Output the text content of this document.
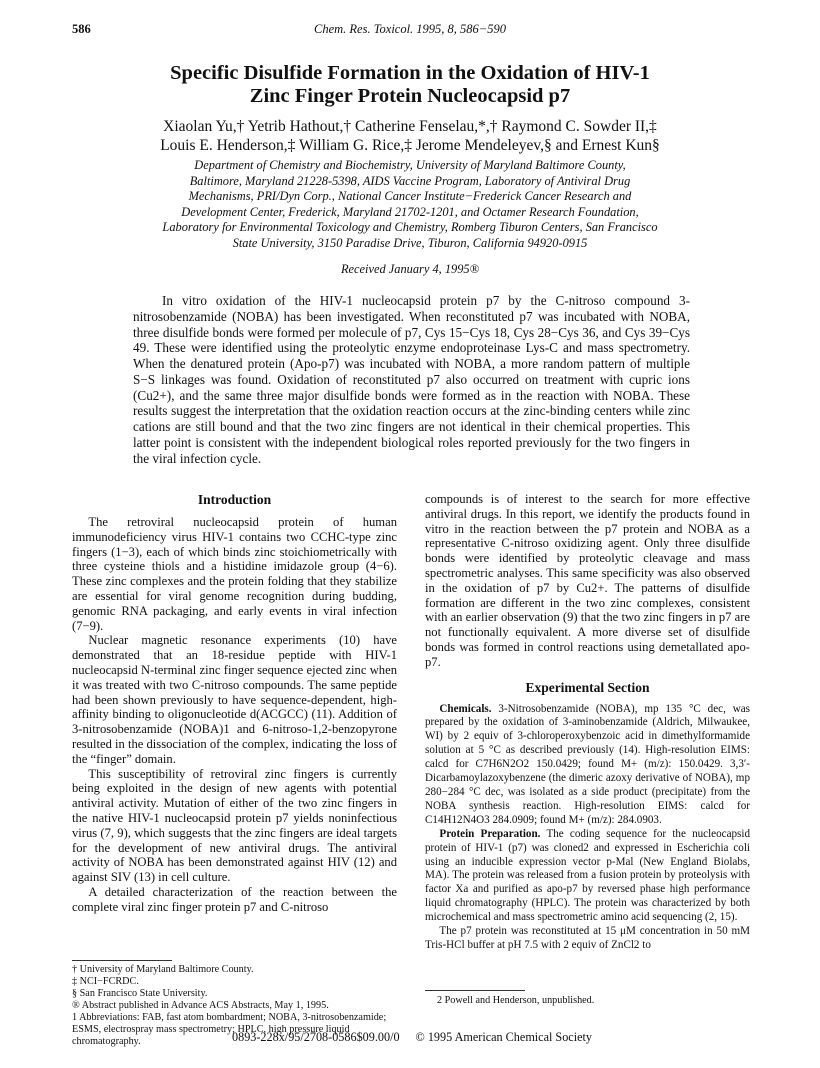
586	Chem. Res. Toxicol. 1995, 8, 586−590
Specific Disulfide Formation in the Oxidation of HIV-1
Zinc Finger Protein Nucleocapsid p7
Xiaolan Yu,† Yetrib Hathout,† Catherine Fenselau,*,† Raymond C. Sowder II,‡
Louis E. Henderson,‡ William G. Rice,‡ Jerome Mendeleyev,§ and Ernest Kun§
Department of Chemistry and Biochemistry, University of Maryland Baltimore County,
Baltimore, Maryland 21228-5398, AIDS Vaccine Program, Laboratory of Antiviral Drug
Mechanisms, PRI/Dyn Corp., National Cancer Institute−Frederick Cancer Research and
Development Center, Frederick, Maryland 21702-1201, and Octamer Research Foundation,
Laboratory for Environmental Toxicology and Chemistry, Romberg Tiburon Centers, San Francisco
State University, 3150 Paradise Drive, Tiburon, California 94920-0915
Received January 4, 1995®

In vitro oxidation of the HIV-1 nucleocapsid protein p7 by the C-nitroso compound 3-nitrosobenzamide (NOBA) has been investigated. When reconstituted p7 was incubated with NOBA, three disulfide bonds were formed per molecule of p7, Cys 15−Cys 18, Cys 28−Cys 36, and Cys 39−Cys 49. These were identified using the proteolytic enzyme endoproteinase Lys-C and mass spectrometry. When the denatured protein (Apo-p7) was incubated with NOBA, a more random pattern of multiple S−S linkages was found. Oxidation of reconstituted p7 also occurred on treatment with cupric ions (Cu2+), and the same three major disulfide bonds were formed as in the reaction with NOBA. These results suggest the interpretation that the oxidation reaction occurs at the zinc-binding centers while zinc cations are still bound and that the two zinc fingers are not identical in their chemical properties. This latter point is consistent with the independent biological roles reported previously for the two fingers in the viral infection cycle.

Introduction

The retroviral nucleocapsid protein of human immunodeficiency virus HIV-1 contains two CCHC-type zinc fingers (1−3), each of which binds zinc stoichiometrically with three cysteine thiols and a histidine imidazole group (4−6). These zinc complexes and the protein folding that they stabilize are essential for viral genome recognition during budding, genomic RNA packaging, and early events in viral infection (7−9).

Nuclear magnetic resonance experiments (10) have demonstrated that an 18-residue peptide with HIV-1 nucleocapsid N-terminal zinc finger sequence ejected zinc when it was treated with two C-nitroso compounds. The same peptide had been shown previously to have sequence-dependent, high-affinity binding to oligonucleotide d(ACGCC) (11). Addition of 3-nitrosobenzamide (NOBA)1 and 6-nitroso-1,2-benzopyrone resulted in the dissociation of the complex, indicating the loss of the “finger” domain.

This susceptibility of retroviral zinc fingers is currently being exploited in the design of new agents with potential antiviral activity. Mutation of either of the two zinc fingers in the native HIV-1 nucleocapsid protein p7 yields noninfectious virus (7, 9), which suggests that the zinc fingers are ideal targets for the development of new antiviral drugs. The antiviral activity of NOBA has been demonstrated against HIV (12) and against SIV (13) in cell culture.

A detailed characterization of the reaction between the complete viral zinc finger protein p7 and C-nitroso

† University of Maryland Baltimore County.
‡ NCI−FCRDC.
§ San Francisco State University.
® Abstract published in Advance ACS Abstracts, May 1, 1995.
1 Abbreviations: FAB, fast atom bombardment; NOBA, 3-nitrosobenzamide; ESMS, electrospray mass spectrometry; HPLC, high pressure liquid chromatography.

compounds is of interest to the search for more effective antiviral drugs. In this report, we identify the products found in vitro in the reaction between the p7 protein and NOBA as a representative C-nitroso oxidizing agent. Only three disulfide bonds were identified by proteolytic cleavage and mass spectrometric analyses. This same specificity was also observed in the oxidation of p7 by Cu2+. The patterns of disulfide formation are different in the two zinc complexes, consistent with an earlier observation (9) that the two zinc fingers in p7 are not functionally equivalent. A more diverse set of disulfide bonds was formed in control reactions using demetallated apo-p7.

Experimental Section

Chemicals. 3-Nitrosobenzamide (NOBA), mp 135 °C dec, was prepared by the oxidation of 3-aminobenzamide (Aldrich, Milwaukee, WI) by 2 equiv of 3-chloroperoxybenzoic acid in dimethylformamide solution at 5 °C as described previously (14). High-resolution EIMS: calcd for C7H6N2O2 150.0429; found M+ (m/z): 150.0429. 3,3′-Dicarbamoylazoxybenzene (the dimeric azoxy derivative of NOBA), mp 280−284 °C dec, was isolated as a side product (precipitate) from the NOBA synthesis reaction. High-resolution EIMS: calcd for C14H12N4O3 284.0909; found M+ (m/z): 284.0903.

Protein Preparation. The coding sequence for the nucleocapsid protein of HIV-1 (p7) was cloned2 and expressed in Escherichia coli using an inducible expression vector p-Mal (New England Biolabs, MA). The protein was released from a fusion protein by proteolysis with factor Xa and purified as apo-p7 by reversed phase high performance liquid chromatography (HPLC). The protein was characterized by both microchemical and mass spectrometric amino acid sequencing (2, 15).

The p7 protein was reconstituted at 15 μM concentration in 50 mM Tris-HCl buffer at pH 7.5 with 2 equiv of ZnCl2 to

2 Powell and Henderson, unpublished.
0893-228x/95/2708-0586$09.00/0 © 1995 American Chemical Society
